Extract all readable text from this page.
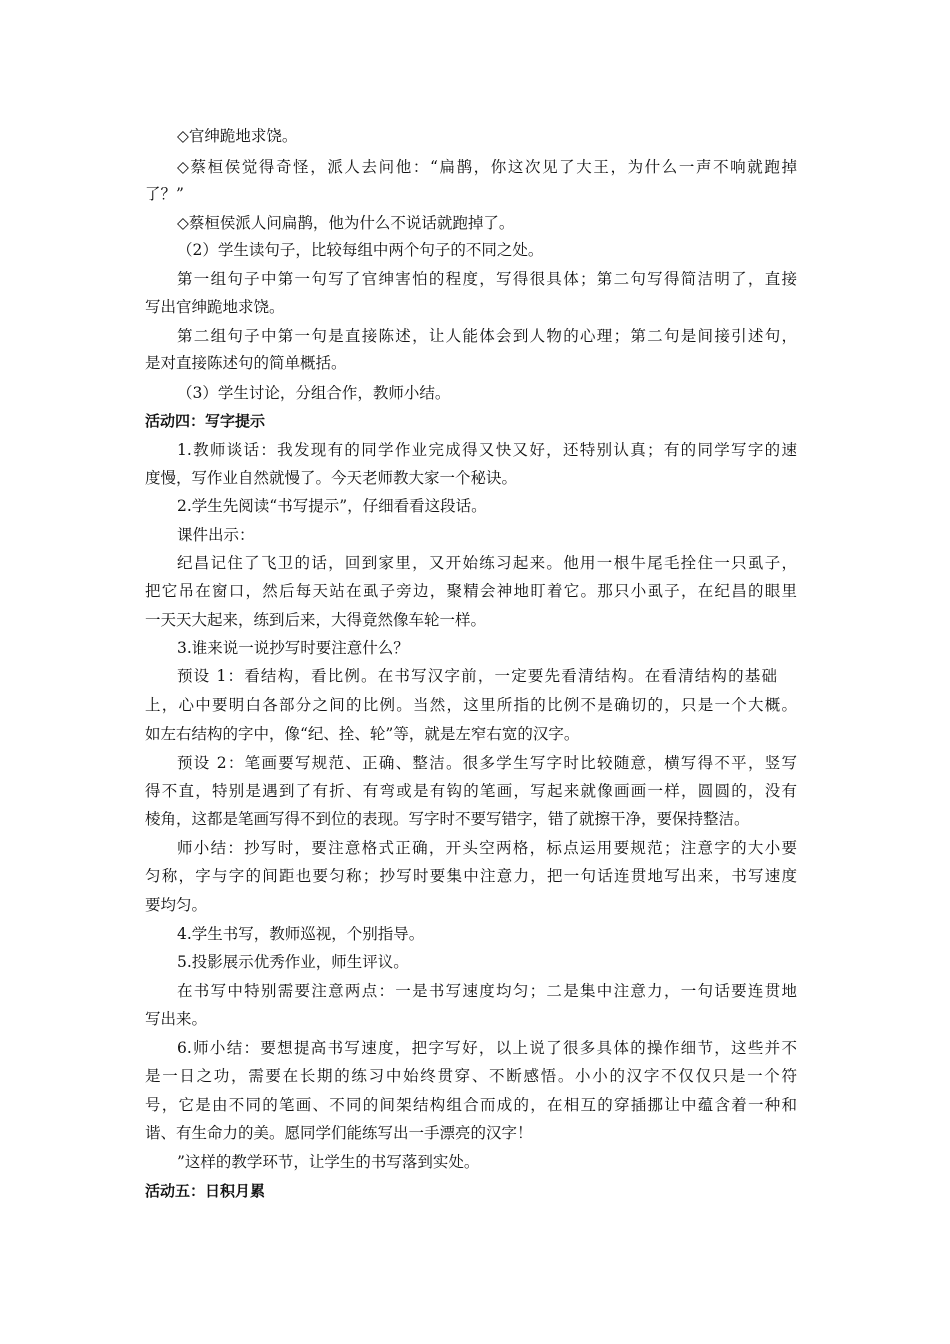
◇官绅跪地求饶。
◇蔡桓侯觉得奇怪，派人去问他：“扁鹊，你这次见了大王，为什么一声不响就跑掉
了？”
◇蔡桓侯派人问扁鹊，他为什么不说话就跑掉了。
（2）学生读句子，比较每组中两个句子的不同之处。
第一组句子中第一句写了官绅害怕的程度，写得很具体；第二句写得简洁明了，直接
写出官绅跪地求饶。
第二组句子中第一句是直接陈述，让人能体会到人物的心理；第二句是间接引述句，
是对直接陈述句的简单概括。
（3）学生讨论，分组合作，教师小结。
活动四：写字提示
1.教师谈话：我发现有的同学作业完成得又快又好，还特别认真；有的同学写字的速
度慢，写作业自然就慢了。今天老师教大家一个秘诀。
2.学生先阅读“书写提示”，仔细看看这段话。
课件出示：
纪昌记住了飞卫的话，回到家里，又开始练习起来。他用一根牛尾毛拴住一只虱子，
把它吊在窗口，然后每天站在虱子旁边，聚精会神地盯着它。那只小虱子，在纪昌的眼里
一天天大起来，练到后来，大得竟然像车轮一样。
3.谁来说一说抄写时要注意什么？
预设 1：看结构，看比例。在书写汉字前，一定要先看清结构。在看清结构的基础
上，心中要明白各部分之间的比例。当然，这里所指的比例不是确切的，只是一个大概。
如左右结构的字中，像“纪、拴、轮”等，就是左窄右宽的汉字。
预设 2：笔画要写规范、正确、整洁。很多学生写字时比较随意，横写得不平，竖写
得不直，特别是遇到了有折、有弯或是有钩的笔画，写起来就像画画一样，圆圆的，没有
棱角，这都是笔画写得不到位的表现。写字时不要写错字，错了就擦干净，要保持整洁。
师小结：抄写时，要注意格式正确，开头空两格，标点运用要规范；注意字的大小要
匀称，字与字的间距也要匀称；抄写时要集中注意力，把一句话连贯地写出来，书写速度
要均匀。
4.学生书写，教师巡视，个别指导。
5.投影展示优秀作业，师生评议。
在书写中特别需要注意两点：一是书写速度均匀；二是集中注意力，一句话要连贯地
写出来。
6.师小结：要想提高书写速度，把字写好，以上说了很多具体的操作细节，这些并不
是一日之功，需要在长期的练习中始终贯穿、不断感悟。小小的汉字不仅仅只是一个符
号，它是由不同的笔画、不同的间架结构组合而成的，在相互的穿插挪让中蕴含着一种和
谐、有生命力的美。愿同学们能练写出一手漂亮的汉字！
”这样的教学环节，让学生的书写落到实处。
活动五：日积月累
